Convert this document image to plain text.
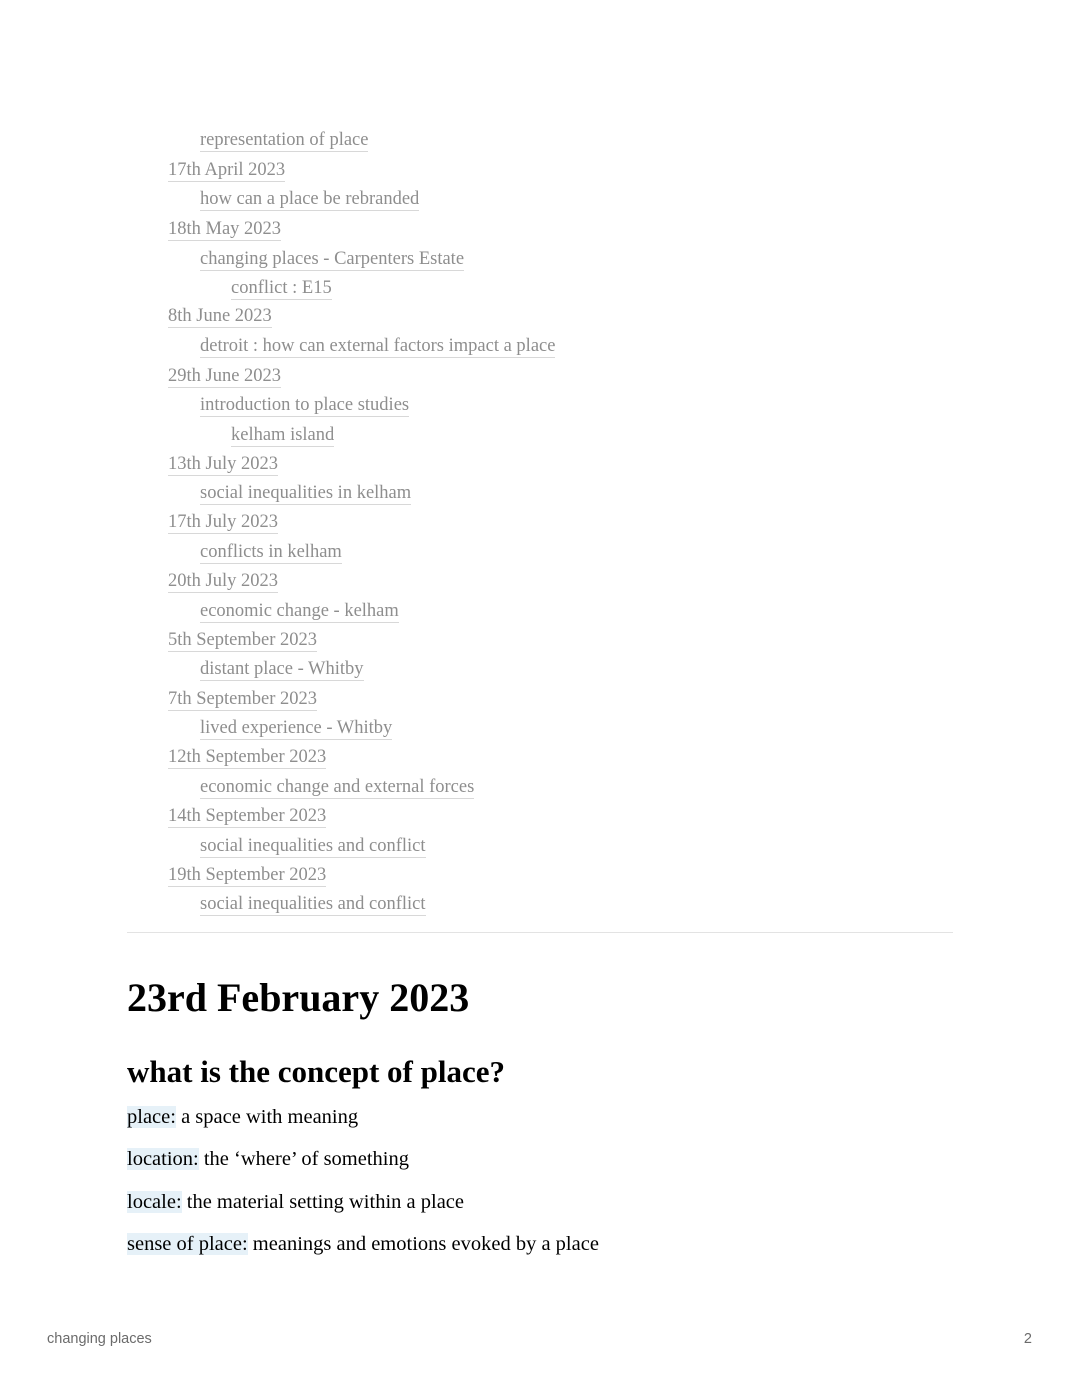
representation of place
17th April 2023
how can a place be rebranded
18th May 2023
changing places - Carpenters Estate
conflict : E15
8th June 2023
detroit : how can external factors impact a place
29th June 2023
introduction to place studies
kelham island
13th July 2023
social inequalities in kelham
17th July 2023
conflicts in kelham
20th July 2023
economic change - kelham
5th September 2023
distant place - Whitby
7th September 2023
lived experience - Whitby
12th September 2023
economic change and external forces
14th September 2023
social inequalities and conflict
19th September 2023
social inequalities and conflict
23rd February 2023
what is the concept of place?
place: a space with meaning
location: the ‘where’ of something
locale: the material setting within a place
sense of place: meanings and emotions evoked by a place
changing places	2
